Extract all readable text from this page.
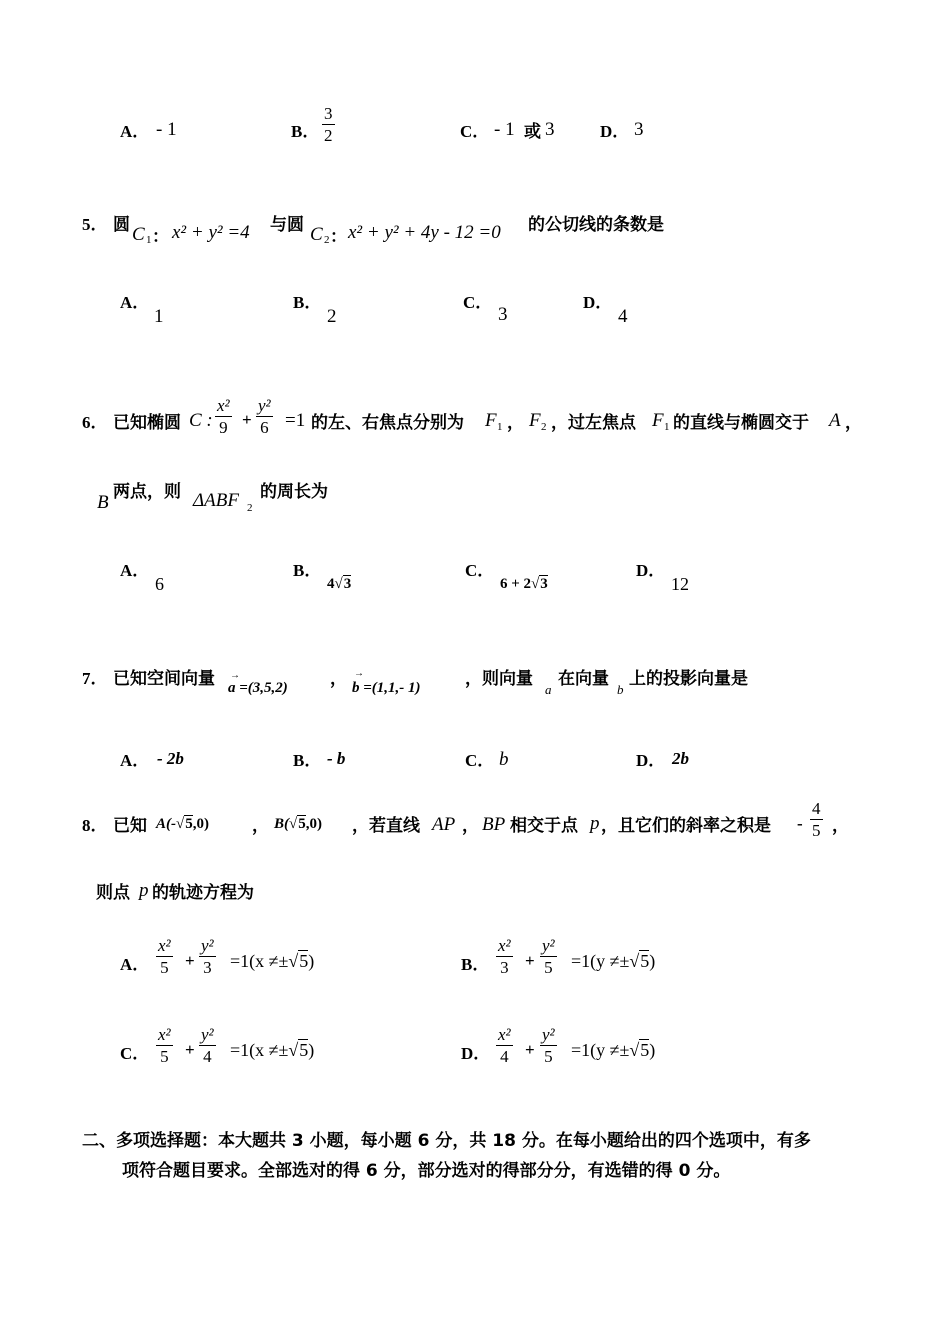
A． - 1	B． $\frac{3}{2}$	C． - 1 或 3	D． 3
5． 圆 C 1 ： x² + y² =4 与圆 C 2 ： x² + y² + 4y - 12 =0 的公切线的条数是
A．
1
B．
2
C．
3
D．
4
6． 已知椭圆 C : $\frac{\text{x²}}{9} + \frac{\text{y²}}{6} =1$ 的左、右焦点分别为 F 1 ， F 2 ，过左焦点 F 1 的直线与椭圆交于 A ，
B 两点，则 ΔABF 2
的周长为
A．
6
B．
4√3
C．
6 + 2√3
D．
12
7． 已知空间向量 →
a =(3,5,2) ， →
b =(1,1,- 1)	，则向量
a
在向量
b
上的投影向量是
A． - 2b	B． - b	C． b	D． 2b
8． 已知 A(-√5,0)	， B(√5,0) ，若直线 AP ， BP 相交于点 p ，且它们的斜率之积是 - $\frac{4}{5}$ ，
则点 p 的轨迹方程为
A． $\frac{\text{x²}}{5} + \frac{\text{y²}}{3} =1(x \ne\pm√5)$	B． $\frac{\text{x²}}{3} + \frac{\text{y²}}{5} =1(y \ne\pm√5)$
C． $\frac{\text{x²}}{5} + \frac{\text{y²}}{4} =1(x \ne\pm√5)$	D． $\frac{\text{x²}}{4} + \frac{\text{y²}}{5} =1(y \ne\pm√5)$
二、多项选择题：本大题共 3 小题，每小题 6 分，共 18 分。在每小题给出的四个选项中，有多
项符合题目要求。全部选对的得 6 分，部分选对的得部分分，有选错的得 0 分。
